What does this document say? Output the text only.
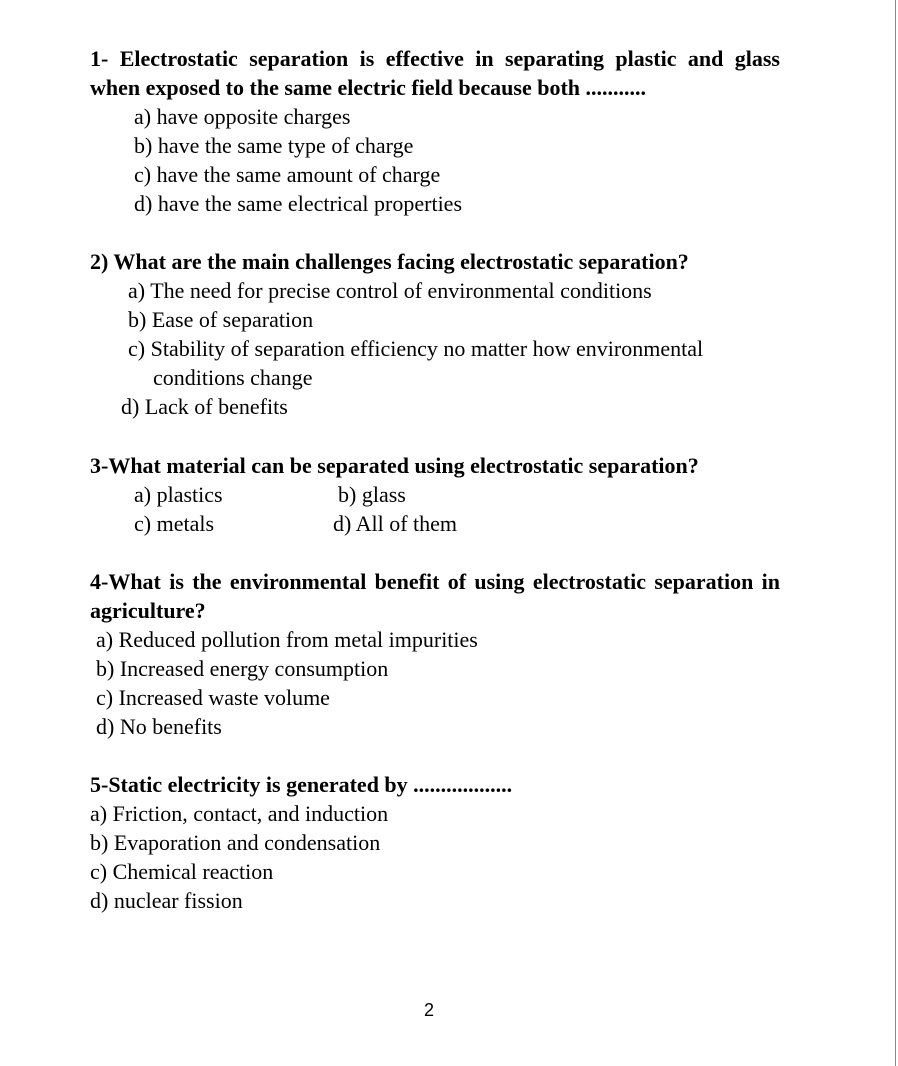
1- Electrostatic separation is effective in separating plastic and glass when exposed to the same electric field because both ...........
a) have opposite charges
b) have the same type of charge
c) have the same amount of charge
d) have the same electrical properties
2) What are the main challenges facing electrostatic separation?
a) The need for precise control of environmental conditions
b) Ease of separation
c) Stability of separation efficiency no matter how environmental conditions change
d) Lack of benefits
3-What material can be separated using electrostatic separation?
a) plastics	b) glass
c) metals	d) All of them
4-What is the environmental benefit of using electrostatic separation in agriculture?
a) Reduced pollution from metal impurities
b) Increased energy consumption
c) Increased waste volume
d) No benefits
5-Static electricity is generated by ..................
a) Friction, contact, and induction
b) Evaporation and condensation
c) Chemical reaction
d) nuclear fission
2
